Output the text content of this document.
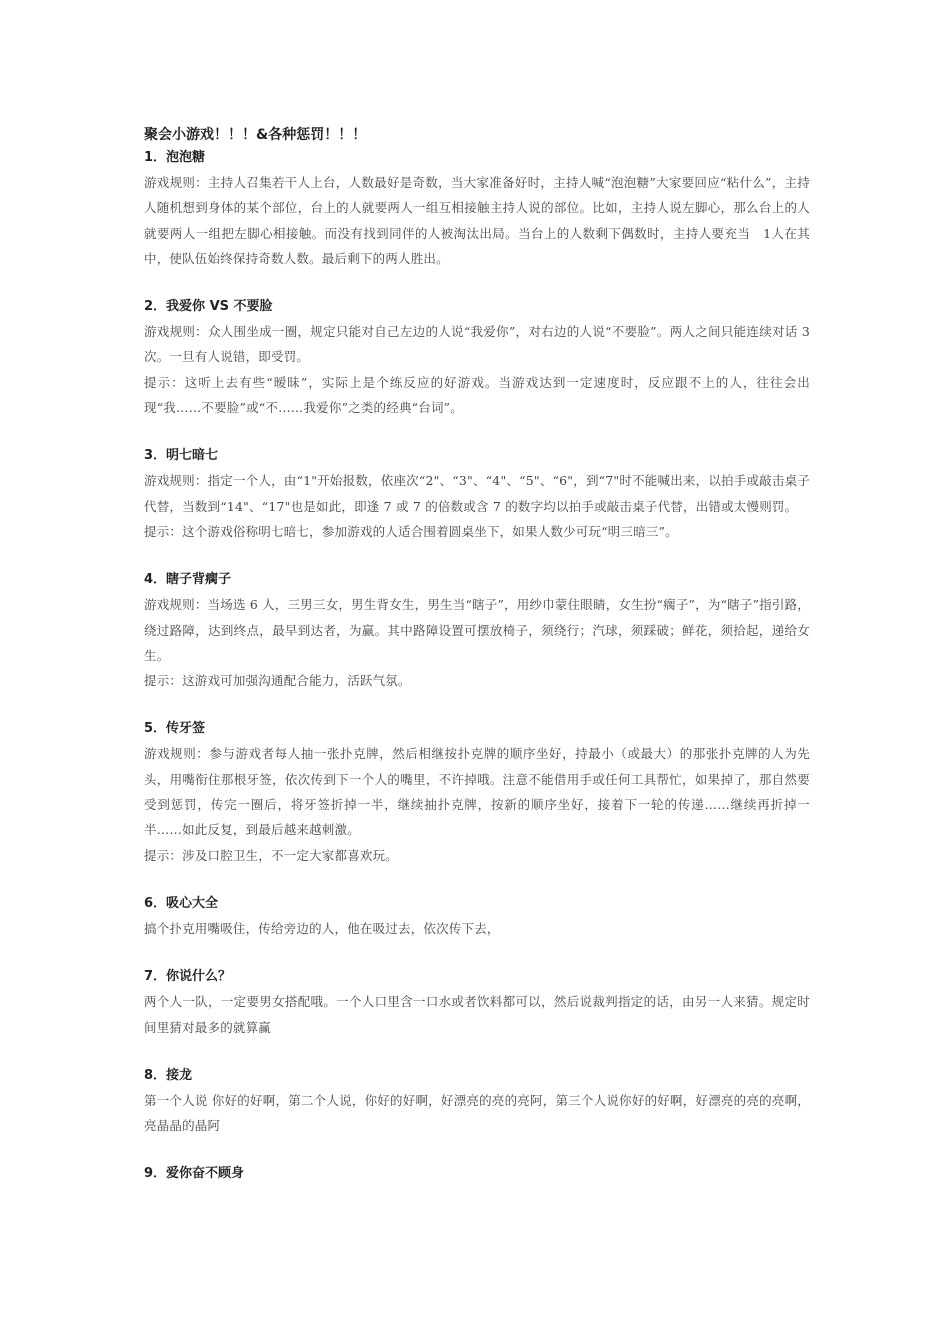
聚会小游戏！！！&各种惩罚！！！
1．泡泡糖

游戏规则：主持人召集若干人上台，人数最好是奇数，当大家准备好时，主持人喊“泡泡糖”大家要回应“粘什么”，主持人随机想到身体的某个部位，台上的人就要两人一组互相接触主持人说的部位。比如，主持人说左脚心，那么台上的人就要两人一组把左脚心相接触。而没有找到同伴的人被淘汰出局。当台上的人数剩下偶数时，主持人要充当　1人在其中，使队伍始终保持奇数人数。最后剩下的两人胜出。

2．我爱你 VS 不要脸

游戏规则：众人围坐成一圈，规定只能对自己左边的人说“我爱你”，对右边的人说“不要脸”。两人之间只能连续对话 3 次。一旦有人说错，即受罚。

提示：这听上去有些“暧昧”，实际上是个练反应的好游戏。当游戏达到一定速度时，反应跟不上的人，往往会出现“我……不要脸”或“不……我爱你”之类的经典“台词”。

3．明七暗七

游戏规则：指定一个人，由“1"开始报数，依座次“2"、“3"、“4"、“5"、“6"，到“7"时不能喊出来，以拍手或敲击桌子代替，当数到“14"、“17"也是如此，即逢 7 或 7 的倍数或含 7 的数字均以拍手或敲击桌子代替，出错或太慢则罚。

提示：这个游戏俗称明七暗七，参加游戏的人适合围着圆桌坐下，如果人数少可玩“明三暗三”。

4．瞎子背瘸子

游戏规则：当场选 6 人，三男三女，男生背女生，男生当“瞎子”，用纱巾蒙住眼睛，女生扮“瘸子”，为“瞎子”指引路，绕过路障，达到终点，最早到达者，为赢。其中路障设置可摆放椅子，须绕行；汽球，须踩破；鲜花，须拾起，递给女生。

提示：这游戏可加强沟通配合能力，活跃气氛。

5．传牙签

游戏规则：参与游戏者每人抽一张扑克牌，然后相继按扑克牌的顺序坐好，持最小（或最大）的那张扑克牌的人为先头，用嘴衔住那根牙签，依次传到下一个人的嘴里，不许掉哦。注意不能借用手或任何工具帮忙，如果掉了，那自然要受到惩罚，传完一圈后，将牙签折掉一半，继续抽扑克牌，按新的顺序坐好，接着下一轮的传递……继续再折掉一半……如此反复，到最后越来越刺激。

提示：涉及口腔卫生，不一定大家都喜欢玩。

6．吸心大全

搞个扑克用嘴吸住，传给旁边的人，他在吸过去，依次传下去，

7．你说什么？

两个人一队，一定要男女搭配哦。一个人口里含一口水或者饮料都可以，然后说裁判指定的话，由另一人来猜。规定时间里猜对最多的就算赢

8．接龙

第一个人说 你好的好啊，第二个人说，你好的好啊，好漂亮的亮的亮阿，第三个人说你好的好啊，好漂亮的亮的亮啊，亮晶晶的晶阿

9．爱你奋不顾身
